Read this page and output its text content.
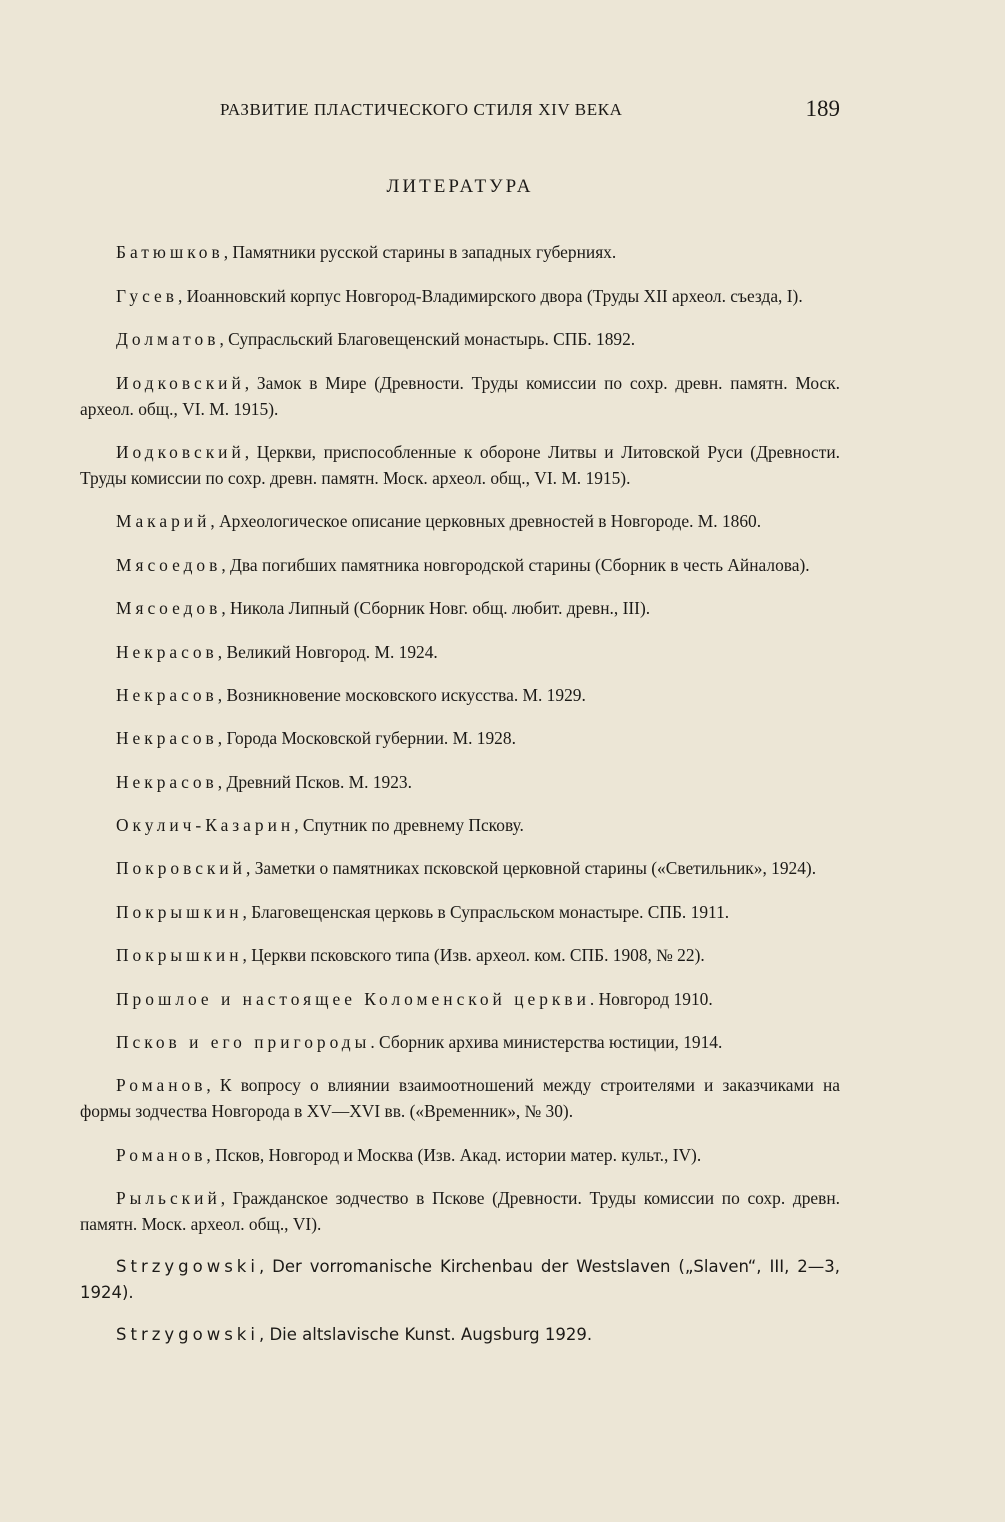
РАЗВИТИЕ ПЛАСТИЧЕСКОГО СТИЛЯ XIV ВЕКА	189
ЛИТЕРАТУРА

Батюшков, Памятники русской старины в западных губерниях.

Гусев, Иоанновский корпус Новгород-Владимирского двора (Труды XII археол. съезда, I).

Долматов, Супрасльский Благовещенский монастырь. СПБ. 1892.

Иодковский, Замок в Мире (Древности. Труды комиссии по сохр. древн. памятн. Моск. археол. общ., VI. М. 1915).

Иодковский, Церкви, приспособленные к обороне Литвы и Литовской Руси (Древности. Труды комиссии по сохр. древн. памятн. Моск. археол. общ., VI. М. 1915).

Макарий, Археологическое описание церковных древностей в Новгороде. М. 1860.

Мясоедов, Два погибших памятника новгородской старины (Сборник в честь Айналова).

Мясоедов, Никола Липный (Сборник Новг. общ. любит. древн., III).

Некрасов, Великий Новгород. М. 1924.

Некрасов, Возникновение московского искусства. М. 1929.

Некрасов, Города Московской губернии. М. 1928.

Некрасов, Древний Псков. М. 1923.

Окулич-Казарин, Спутник по древнему Пскову.

Покровский, Заметки о памятниках псковской церковной старины («Светильник», 1924).

Покрышкин, Благовещенская церковь в Супрасльском монастыре. СПБ. 1911.

Покрышкин, Церкви псковского типа (Изв. археол. ком. СПБ. 1908, № 22).

Прошлое и настоящее Коломенской церкви. Новгород 1910.

Псков и его пригороды. Сборник архива министерства юстиции, 1914.

Романов, К вопросу о влиянии взаимоотношений между строителями и заказчиками на формы зодчества Новгорода в XV—XVI вв. («Временник», № 30).

Романов, Псков, Новгород и Москва (Изв. Акад. истории матер. культ., IV).

Рыльский, Гражданское зодчество в Пскове (Древности. Труды комиссии по сохр. древн. памятн. Моск. археол. общ., VI).

Strzygowski, Der vorromanische Kirchenbau der Westslaven („Slaven“, III, 2—3, 1924).

Strzygowski, Die altslavische Kunst. Augsburg 1929.
